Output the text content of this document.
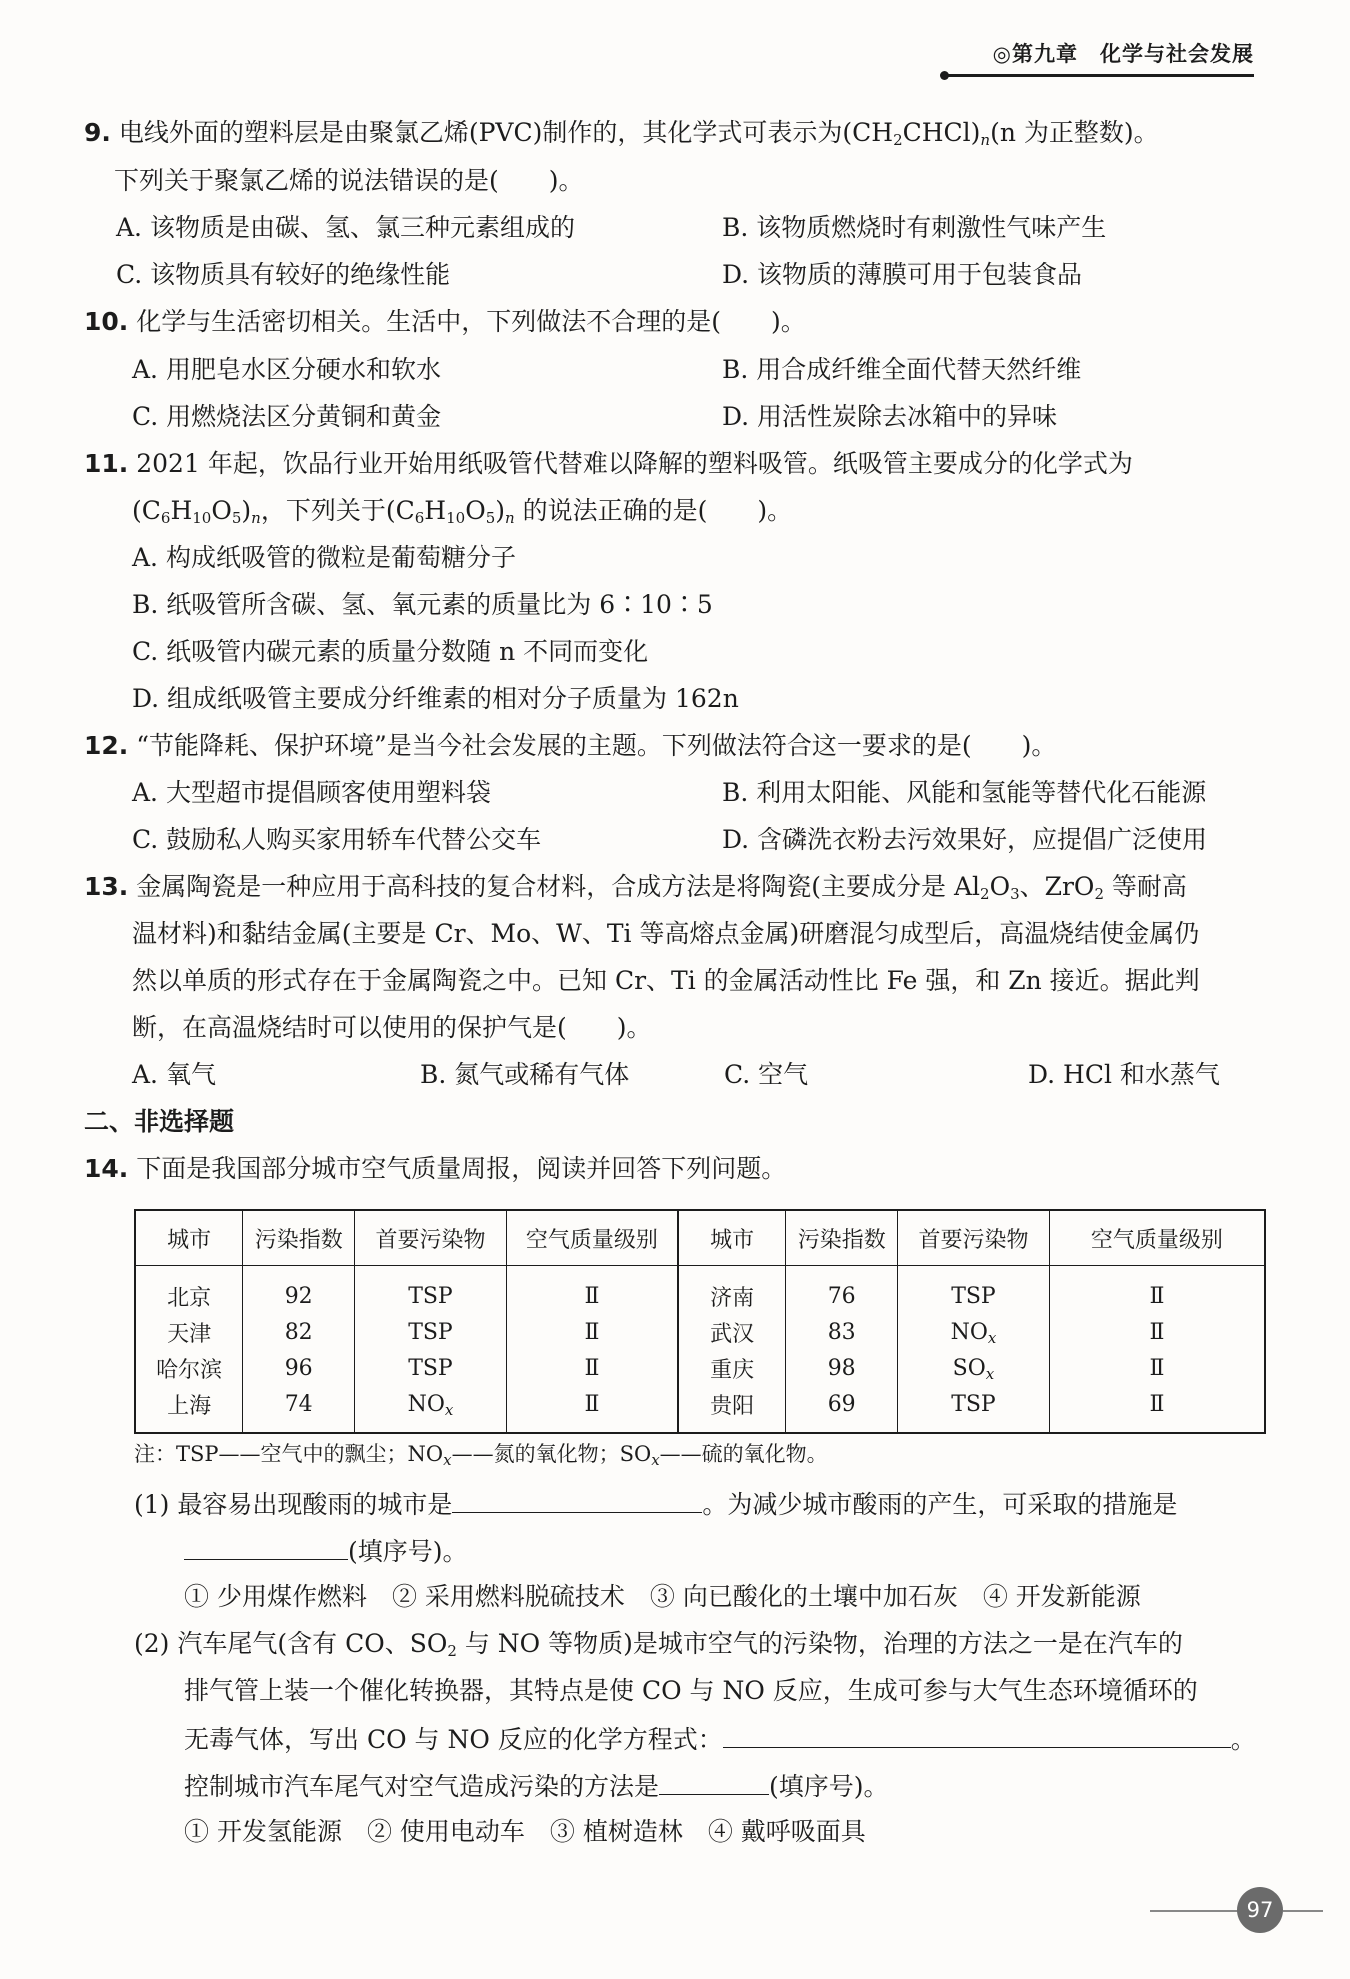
◎第九章　化学与社会发展
9. 电线外面的塑料层是由聚氯乙烯(PVC)制作的，其化学式可表示为$(CH_2CHCl)_n(n$ 为正整数)。
下列关于聚氯乙烯的说法错误的是(　　)。
A. 该物质是由碳、氢、氯三种元素组成的	B. 该物质燃烧时有刺激性气味产生
C. 该物质具有较好的绝缘性能	D. 该物质的薄膜可用于包装食品
10. 化学与生活密切相关。生活中，下列做法不合理的是(　　)。
A. 用肥皂水区分硬水和软水	B. 用合成纤维全面代替天然纤维
C. 用燃烧法区分黄铜和黄金	D. 用活性炭除去冰箱中的异味
11. 2021 年起，饮品行业开始用纸吸管代替难以降解的塑料吸管。纸吸管主要成分的化学式为
$(C_6H_{10}O_5)_n$，下列关于$(C_6H_{10}O_5)_n$ 的说法正确的是(　　)。
A. 构成纸吸管的微粒是葡萄糖分子
B. 纸吸管所含碳、氢、氧元素的质量比为 6∶10∶5
C. 纸吸管内碳元素的质量分数随 n 不同而变化
D. 组成纸吸管主要成分纤维素的相对分子质量为 162n
12. “节能降耗、保护环境”是当今社会发展的主题。下列做法符合这一要求的是(　　)。
A. 大型超市提倡顾客使用塑料袋	B. 利用太阳能、风能和氢能等替代化石能源
C. 鼓励私人购买家用轿车代替公交车	D. 含磷洗衣粉去污效果好，应提倡广泛使用
13. 金属陶瓷是一种应用于高科技的复合材料，合成方法是将陶瓷(主要成分是 $Al_2O_3$、ZrO$_2$ 等耐高
温材料)和黏结金属(主要是 Cr、Mo、W、Ti 等高熔点金属)研磨混匀成型后，高温烧结使金属仍
然以单质的形式存在于金属陶瓷之中。已知 Cr、Ti 的金属活动性比 Fe 强，和 Zn 接近。据此判
断，在高温烧结时可以使用的保护气是(　　)。
A. 氧气	B. 氮气或稀有气体	C. 空气	D. HCl 和水蒸气
二、非选择题
14. 下面是我国部分城市空气质量周报，阅读并回答下列问题。
城市	污染指数	首要污染物	空气质量级别	城市	污染指数	首要污染物	空气质量级别
北京	92	TSP	Ⅱ	济南	76	TSP	Ⅱ
天津	82	TSP	Ⅱ	武汉	83	$NO_x$	Ⅱ
哈尔滨	96	TSP	Ⅱ	重庆	98	$SO_x$	Ⅱ
上海	74	$NO_x$	Ⅱ	贵阳	69	TSP	Ⅱ
注：TSP——空气中的飘尘；$NO_x——$氮的氧化物；$SO_x——$硫的氧化物。
(1) 最容易出现酸雨的城市是	。为减少城市酸雨的产生，可采取的措施是
(填序号)。
① 少用煤作燃料　② 采用燃料脱硫技术　③ 向已酸化的土壤中加石灰　④ 开发新能源
(2) 汽车尾气(含有 CO、$SO_2$ 与 NO 等物质)是城市空气的污染物，治理的方法之一是在汽车的
排气管上装一个催化转换器，其特点是使 CO 与 NO 反应，生成可参与大气生态环境循环的
无毒气体，写出 CO 与 NO 反应的化学方程式：	。
控制城市汽车尾气对空气造成污染的方法是	(填序号)。
① 开发氢能源　② 使用电动车　③ 植树造林　④ 戴呼吸面具
97
